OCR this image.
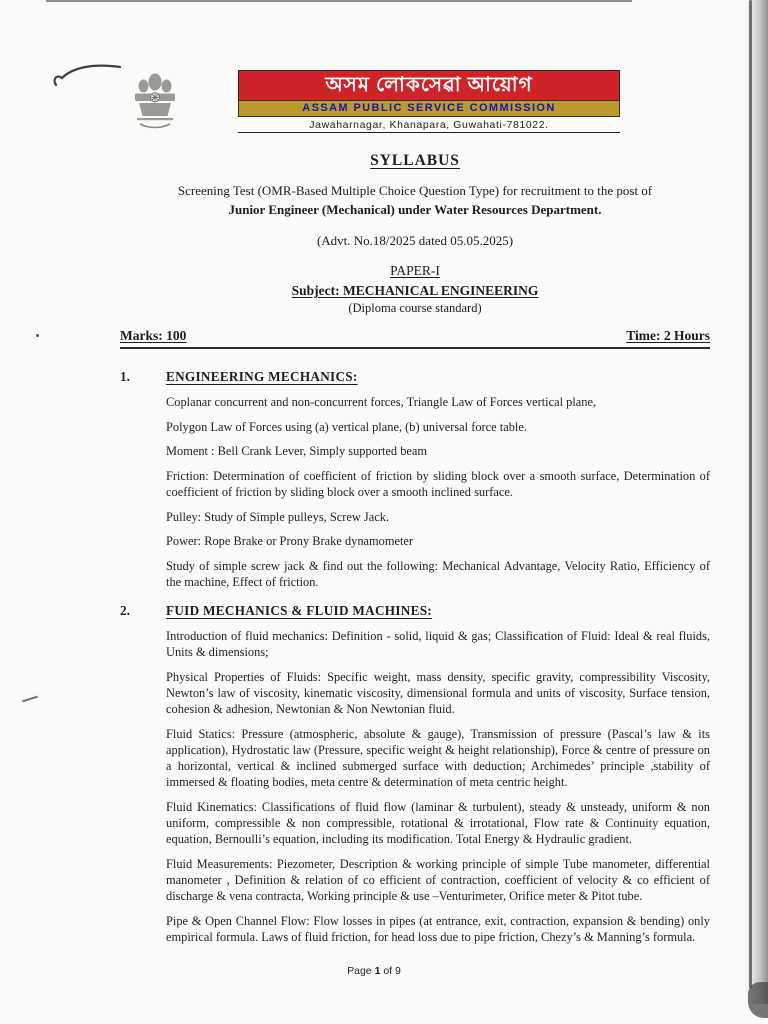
অসম লোকসেৱা আয়োগ
ASSAM PUBLIC SERVICE COMMISSION
Jawaharnagar, Khanapara, Guwahati-781022.
SYLLABUS
Screening Test (OMR-Based Multiple Choice Question Type) for recruitment to the post of
Junior Engineer (Mechanical) under Water Resources Department.
(Advt. No.18/2025 dated 05.05.2025)
PAPER-I
Subject: MECHANICAL ENGINEERING
(Diploma course standard)
Marks: 100	Time: 2 Hours
1.	ENGINEERING MECHANICS:

Coplanar concurrent and non-concurrent forces, Triangle Law of Forces vertical plane,

Polygon Law of Forces using (a) vertical plane, (b) universal force table.

Moment : Bell Crank Lever, Simply supported beam

Friction: Determination of coefficient of friction by sliding block over a smooth surface, Determination of coefficient of friction by sliding block over a smooth inclined surface.

Pulley: Study of Simple pulleys, Screw Jack.

Power: Rope Brake or Prony Brake dynamometer

Study of simple screw jack & find out the following: Mechanical Advantage, Velocity Ratio, Efficiency of the machine, Effect of friction.

2.	FUID MECHANICS & FLUID MACHINES:

Introduction of fluid mechanics: Definition - solid, liquid & gas; Classification of Fluid: Ideal & real fluids, Units & dimensions;

Physical Properties of Fluids: Specific weight, mass density, specific gravity, compressibility Viscosity, Newton’s law of viscosity, kinematic viscosity, dimensional formula and units of viscosity, Surface tension, cohesion & adhesion, Newtonian & Non Newtonian fluid.

Fluid Statics: Pressure (atmospheric, absolute & gauge), Transmission of pressure (Pascal’s law & its application), Hydrostatic law (Pressure, specific weight & height relationship), Force & centre of pressure on a horizontal, vertical & inclined submerged surface with deduction; Archimedes’ principle ,stability of immersed & floating bodies, meta centre & determination of meta centric height.

Fluid Kinematics: Classifications of fluid flow (laminar & turbulent), steady & unsteady, uniform & non uniform, compressible & non compressible, rotational & irrotational, Flow rate & Continuity equation, equation, Bernoulli’s equation, including its modification. Total Energy & Hydraulic gradient.

Fluid Measurements: Piezometer, Description & working principle of simple Tube manometer, differential manometer , Definition & relation of co efficient of contraction, coefficient of velocity & co efficient of discharge & vena contracta, Working principle & use –Venturimeter, Orifice meter & Pitot tube.

Pipe & Open Channel Flow: Flow losses in pipes (at entrance, exit, contraction, expansion & bending) only empirical formula. Laws of fluid friction, for head loss due to pipe friction, Chezy’s & Manning’s formula.

Page 1 of 9
